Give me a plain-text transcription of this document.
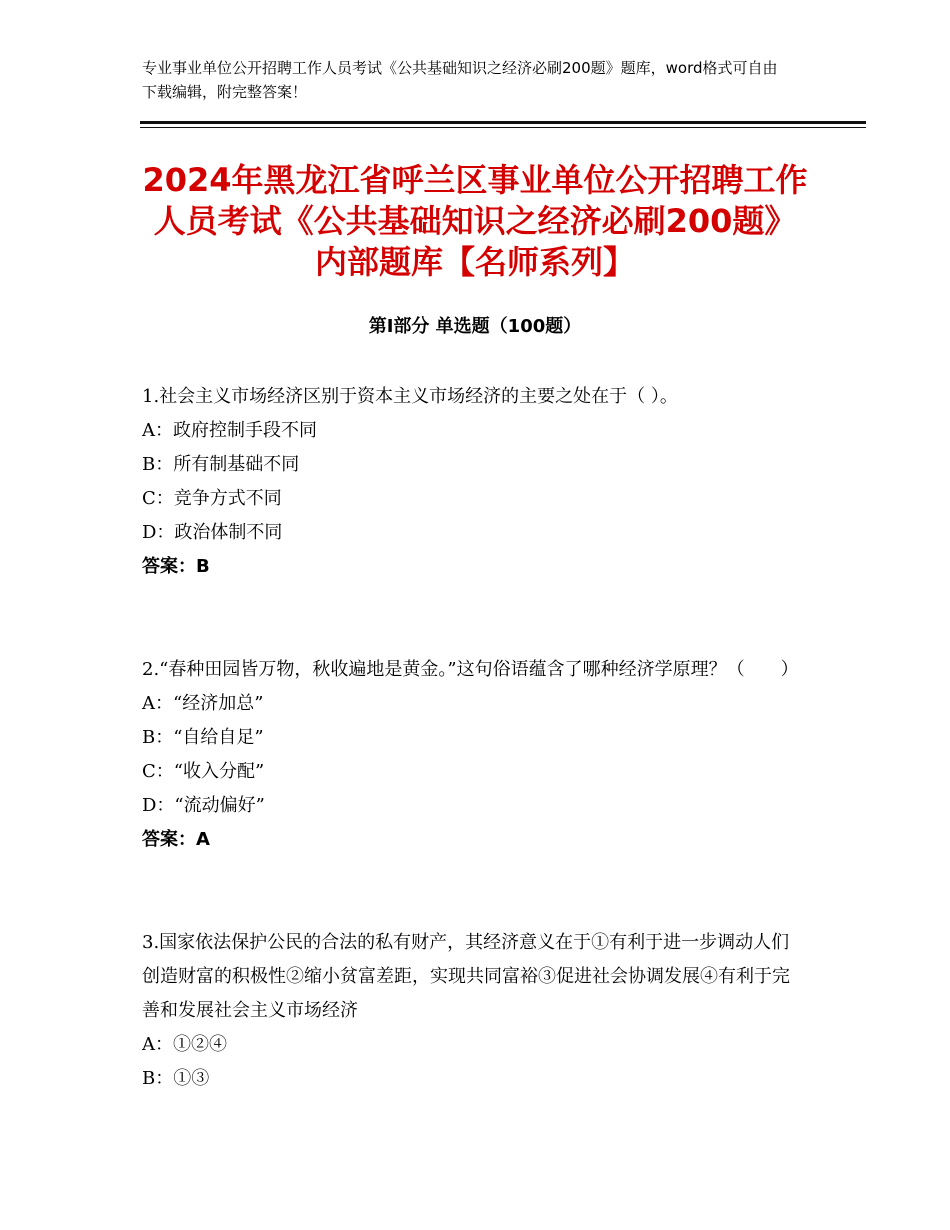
专业事业单位公开招聘工作人员考试《公共基础知识之经济必刷200题》题库，word格式可自由下载编辑，附完整答案！
2024年黑龙江省呼兰区事业单位公开招聘工作人员考试《公共基础知识之经济必刷200题》内部题库【名师系列】
第Ⅰ部分 单选题（100题）

1.社会主义市场经济区别于资本主义市场经济的主要之处在于（ ）。

A：政府控制手段不同

B：所有制基础不同

C：竞争方式不同

D：政治体制不同

答案：B

2.“春种田园皆万物，秋收遍地是黄金。”这句俗语蕴含了哪种经济学原理？（　　）

A：“经济加总”

B：“自给自足”

C：“收入分配”

D：“流动偏好”

答案：A

3.国家依法保护公民的合法的私有财产，其经济意义在于①有利于进一步调动人们创造财富的积极性②缩小贫富差距，实现共同富裕③促进社会协调发展④有利于完善和发展社会主义市场经济

A：①②④

B：①③
